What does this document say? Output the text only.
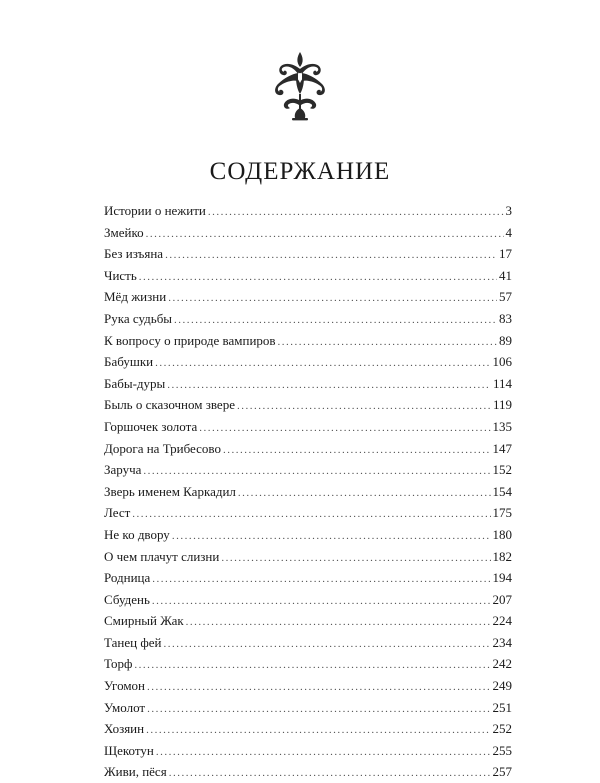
СОДЕРЖАНИЕ
Истории о нежити .....	3
Змейко .....	4
Без изъяна .....	17
Чисть .....	41
Мёд жизни .....	57
Рука судьбы .....	83
К вопросу о природе вампиров .....	89
Бабушки .....	106
Бабы-дуры .....	114
Быль о сказочном звере .....	119
Горшочек золота .....	135
Дорога на Трибесово .....	147
Заруча .....	152
Зверь именем Каркадил .....	154
Лест .....	175
Не ко двору .....	180
О чем плачут слизни .....	182
Родница .....	194
Сбудень .....	207
Смирный Жак .....	224
Танец фей .....	234
Торф .....	242
Угомон .....	249
Умолот .....	251
Хозяин .....	252
Щекотун .....	255
Живи, пёся .....	257
